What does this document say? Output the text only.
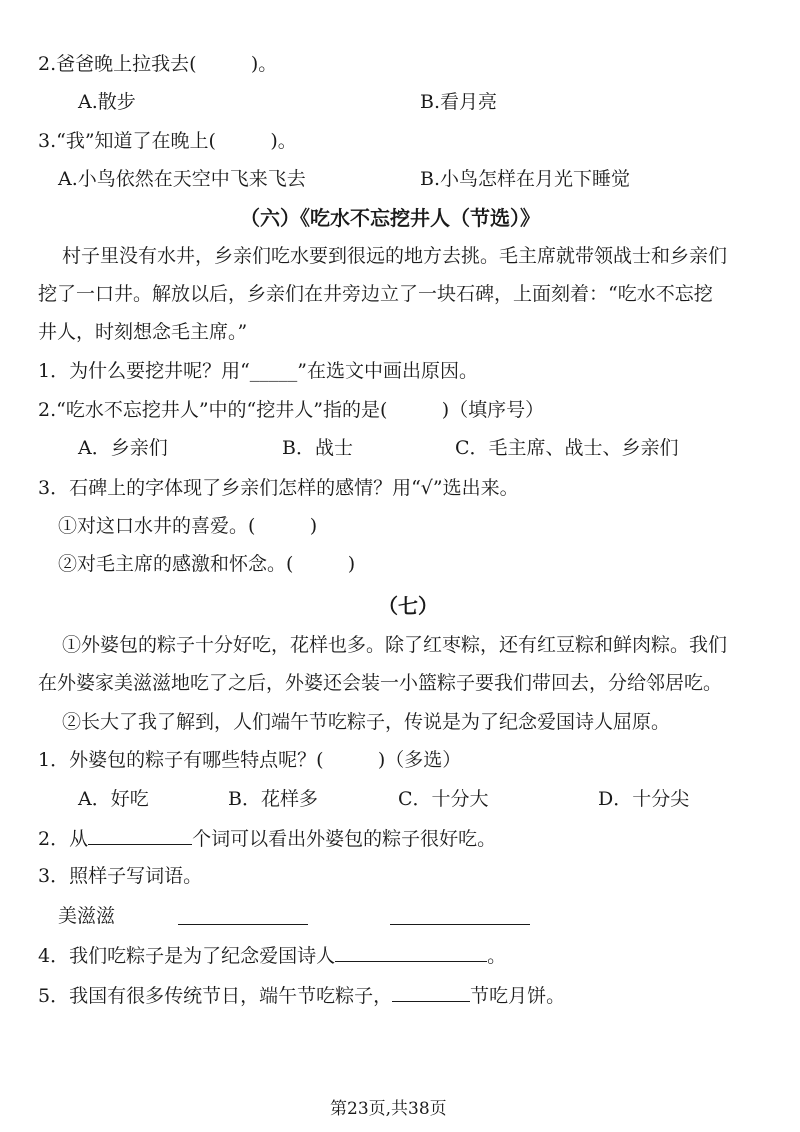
2.爸爸晚上拉我去(         )。
A.散步	B.看月亮
3.“我”知道了在晚上(         )。
A.小鸟依然在天空中飞来飞去	B.小鸟怎样在月光下睡觉
（六）《吃水不忘挖井人（节选）》
村子里没有水井，乡亲们吃水要到很远的地方去挑。毛主席就带领战士和乡亲们
挖了一口井。解放以后，乡亲们在井旁边立了一块石碑，上面刻着：“吃水不忘挖
井人，时刻想念毛主席。”
1．为什么要挖井呢？用“_____”在选文中画出原因。
2.“吃水不忘挖井人”中的“挖井人”指的是(         )（填序号）
A．乡亲们	B．战士	C．毛主席、战士、乡亲们
3．石碑上的字体现了乡亲们怎样的感情？用“√”选出来。
①对这口水井的喜爱。(         )
②对毛主席的感激和怀念。(         )
（七）
①外婆包的粽子十分好吃，花样也多。除了红枣粽，还有红豆粽和鲜肉粽。我们
在外婆家美滋滋地吃了之后，外婆还会装一小篮粽子要我们带回去，分给邻居吃。
②长大了我了解到，人们端午节吃粽子，传说是为了纪念爱国诗人屈原。
1．外婆包的粽子有哪些特点呢？(         )（多选）
A．好吃	B．花样多	C．十分大	D．十分尖
2．从	个词可以看出外婆包的粽子很好吃。
3．照样子写词语。
美滋滋
4．我们吃粽子是为了纪念爱国诗人	。
5．我国有很多传统节日，端午节吃粽子，	节吃月饼。
第23页,共38页
